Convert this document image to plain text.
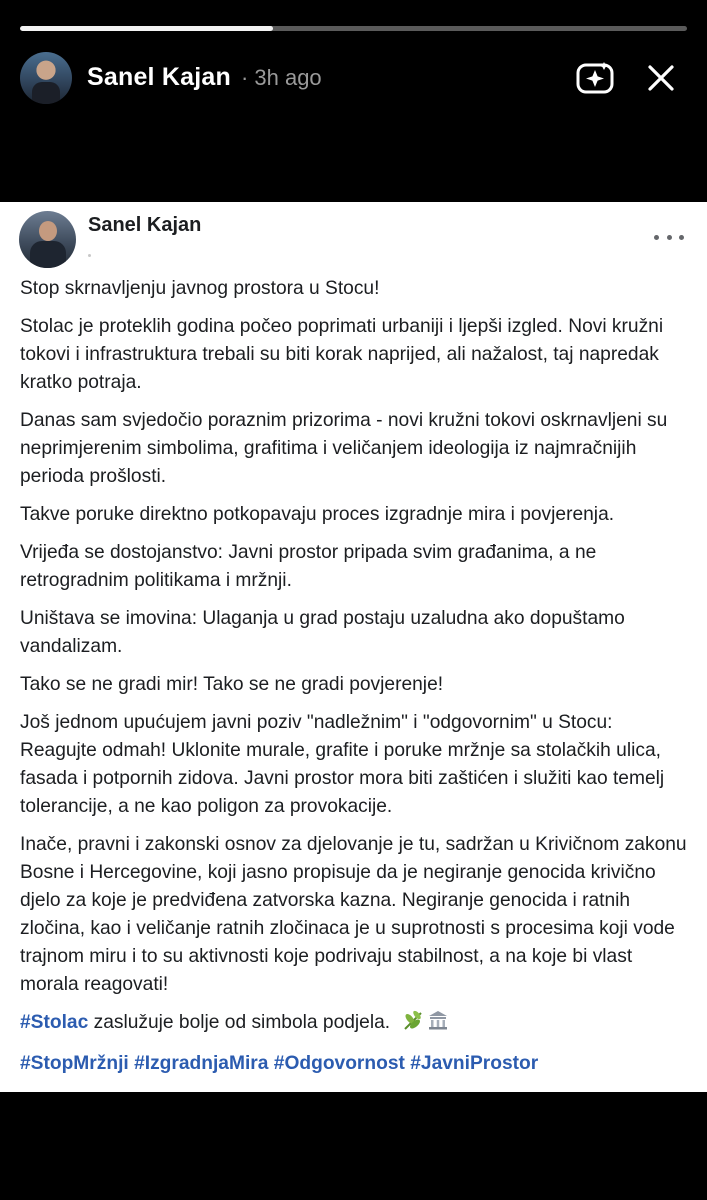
Sanel Kajan · 3h ago
Sanel Kajan

Stop skrnavljenju javnog prostora u Stocu!

Stolac je proteklih godina počeo poprimati urbaniji i ljepši izgled. Novi kružni tokovi i infrastruktura trebali su biti korak naprijed, ali nažalost, taj napredak kratko potraja.

Danas sam svjedočio poraznim prizorima - novi kružni tokovi oskrnavljeni su neprimjerenim simbolima, grafitima i veličanjem ideologija iz najmračnijih perioda prošlosti.

Takve poruke direktno potkopavaju proces izgradnje mira i povjerenja.

Vrijeđa se dostojanstvo: Javni prostor pripada svim građanima, a ne retrogradnim politikama i mržnji.

Uništava se imovina: Ulaganja u grad postaju uzaludna ako dopuštamo vandalizam.

Tako se ne gradi mir! Tako se ne gradi povjerenje!

Još jednom upućujem javni poziv "nadležnim" i "odgovornim" u Stocu: Reagujte odmah! Uklonite murale, grafite i poruke mržnje sa stolačkih ulica, fasada i potpornih zidova. Javni prostor mora biti zaštićen i služiti kao temelj tolerancije, a ne kao poligon za provokacije.

Inače, pravni i zakonski osnov za djelovanje je tu, sadržan u Krivičnom zakonu Bosne i Hercegovine, koji jasno propisuje da je negiranje genocida krivično djelo za koje je predviđena zatvorska kazna. Negiranje genocida i ratnih zločina, kao i veličanje ratnih zločinaca je u suprotnosti s procesima koji vode trajnom miru i to su aktivnosti koje podrivaju stabilnost, a na koje bi vlast morala reagovati!

#Stolac zaslužuje bolje od simbola podjela.

#StopMržnji #IzgradnjaMira #Odgovornost #JavniProstor
